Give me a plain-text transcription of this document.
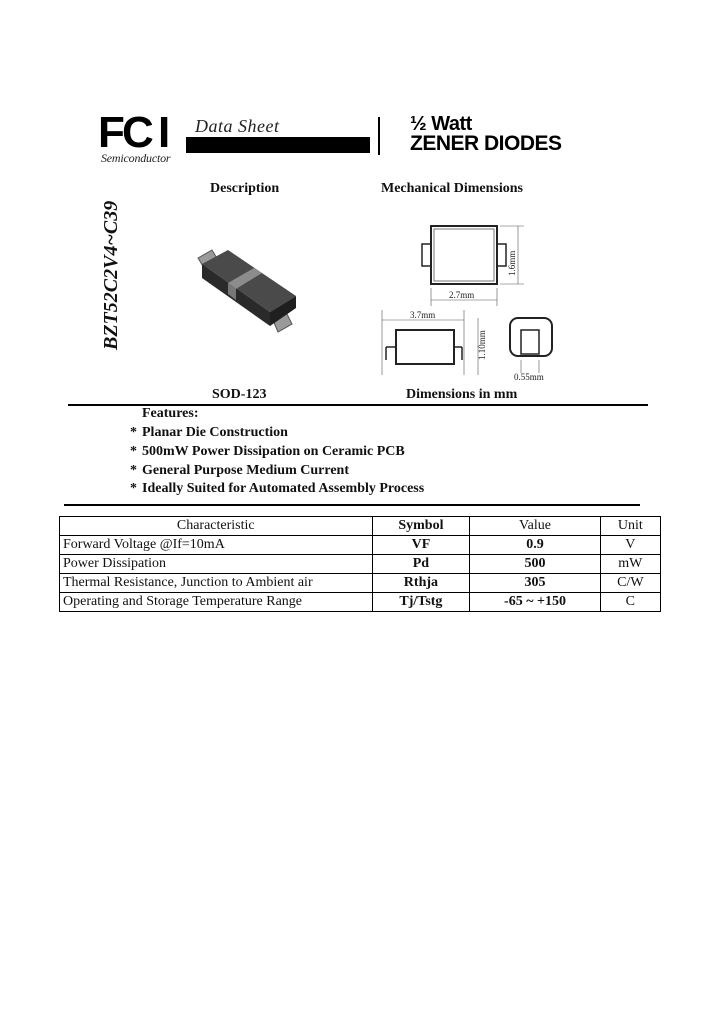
F C I
Semiconductor
Data Sheet	½ Watt
ZENER DIODES
Description	Mechanical Dimensions
BZT52C2V4~C39	1.6mm
2.7mm
3.7mm
1.10mm
0.55mm
SOD-123	Dimensions in mm
Features:
* Planar Die Construction
* 500mW Power Dissipation on Ceramic PCB
* General Purpose Medium Current
* Ideally Suited for Automated Assembly Process
Characteristic	Symbol	Value	Unit
Forward Voltage @If=10mA	VF	0.9	V
Power Dissipation	Pd	500	mW
Thermal Resistance, Junction to Ambient air	Rthja	305	C/W
Operating and Storage Temperature Range	Tj/Tstg	-65 ~ +150	C
